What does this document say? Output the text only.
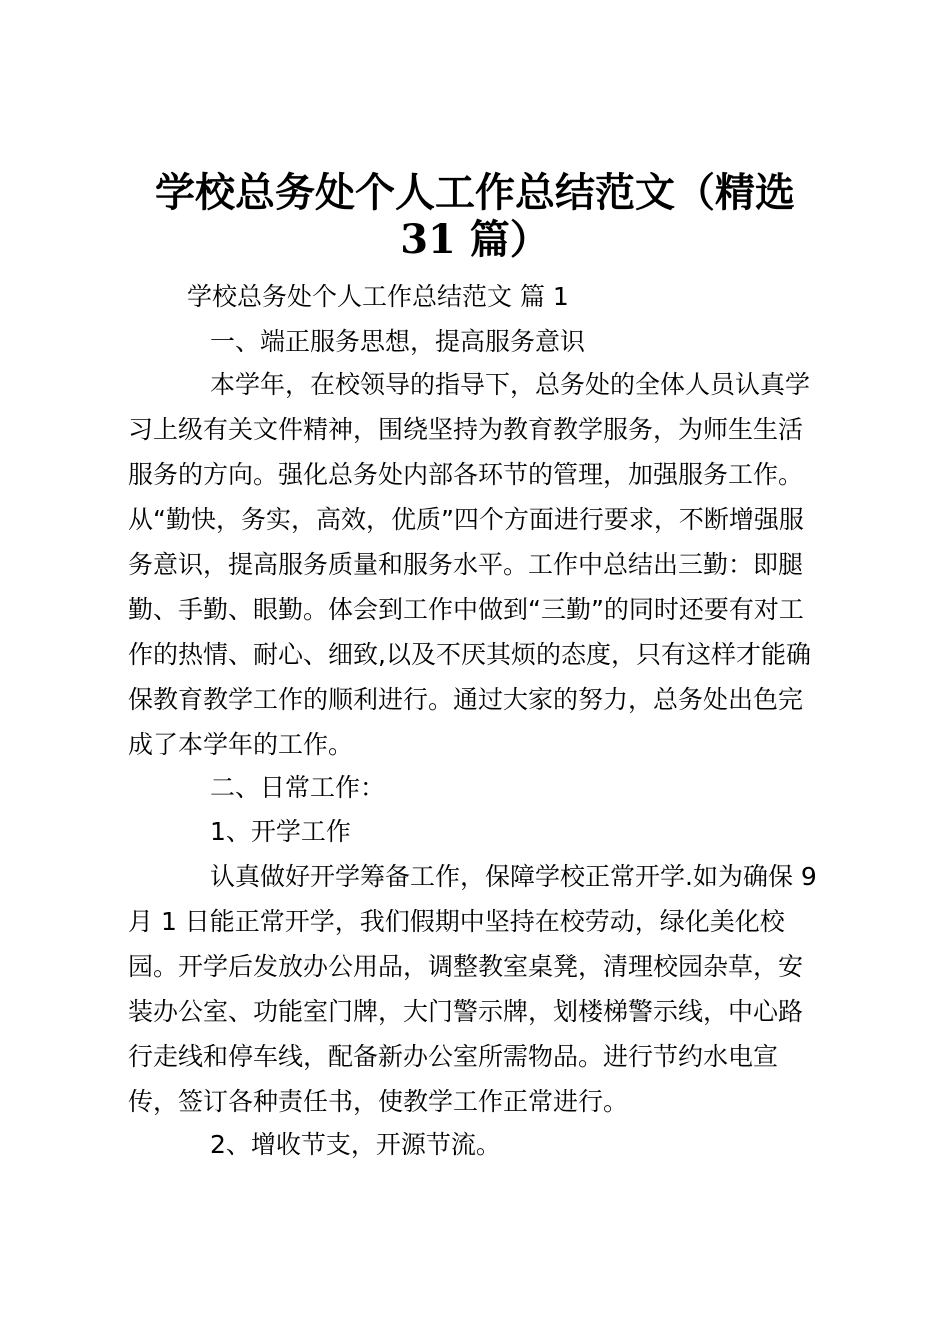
学校总务处个人工作总结范文（精选
31 篇）
学校总务处个人工作总结范文 篇 1
一、端正服务思想，提高服务意识
本学年，在校领导的指导下，总务处的全体人员认真学
习上级有关文件精神，围绕坚持为教育教学服务，为师生生活
服务的方向。强化总务处内部各环节的管理，加强服务工作。
从“勤快，务实，高效，优质”四个方面进行要求，不断增强服
务意识，提高服务质量和服务水平。工作中总结出三勤：即腿
勤、手勤、眼勤。体会到工作中做到“三勤”的同时还要有对工
作的热情、耐心、细致,以及不厌其烦的态度，只有这样才能确
保教育教学工作的顺利进行。通过大家的努力，总务处出色完
成了本学年的工作。
二、日常工作：
1、开学工作
认真做好开学筹备工作，保障学校正常开学.如为确保 9
月 1 日能正常开学，我们假期中坚持在校劳动，绿化美化校
园。开学后发放办公用品，调整教室桌凳，清理校园杂草，安
装办公室、功能室门牌，大门警示牌，划楼梯警示线，中心路
行走线和停车线，配备新办公室所需物品。进行节约水电宣
传，签订各种责任书，使教学工作正常进行。
2、增收节支，开源节流。
